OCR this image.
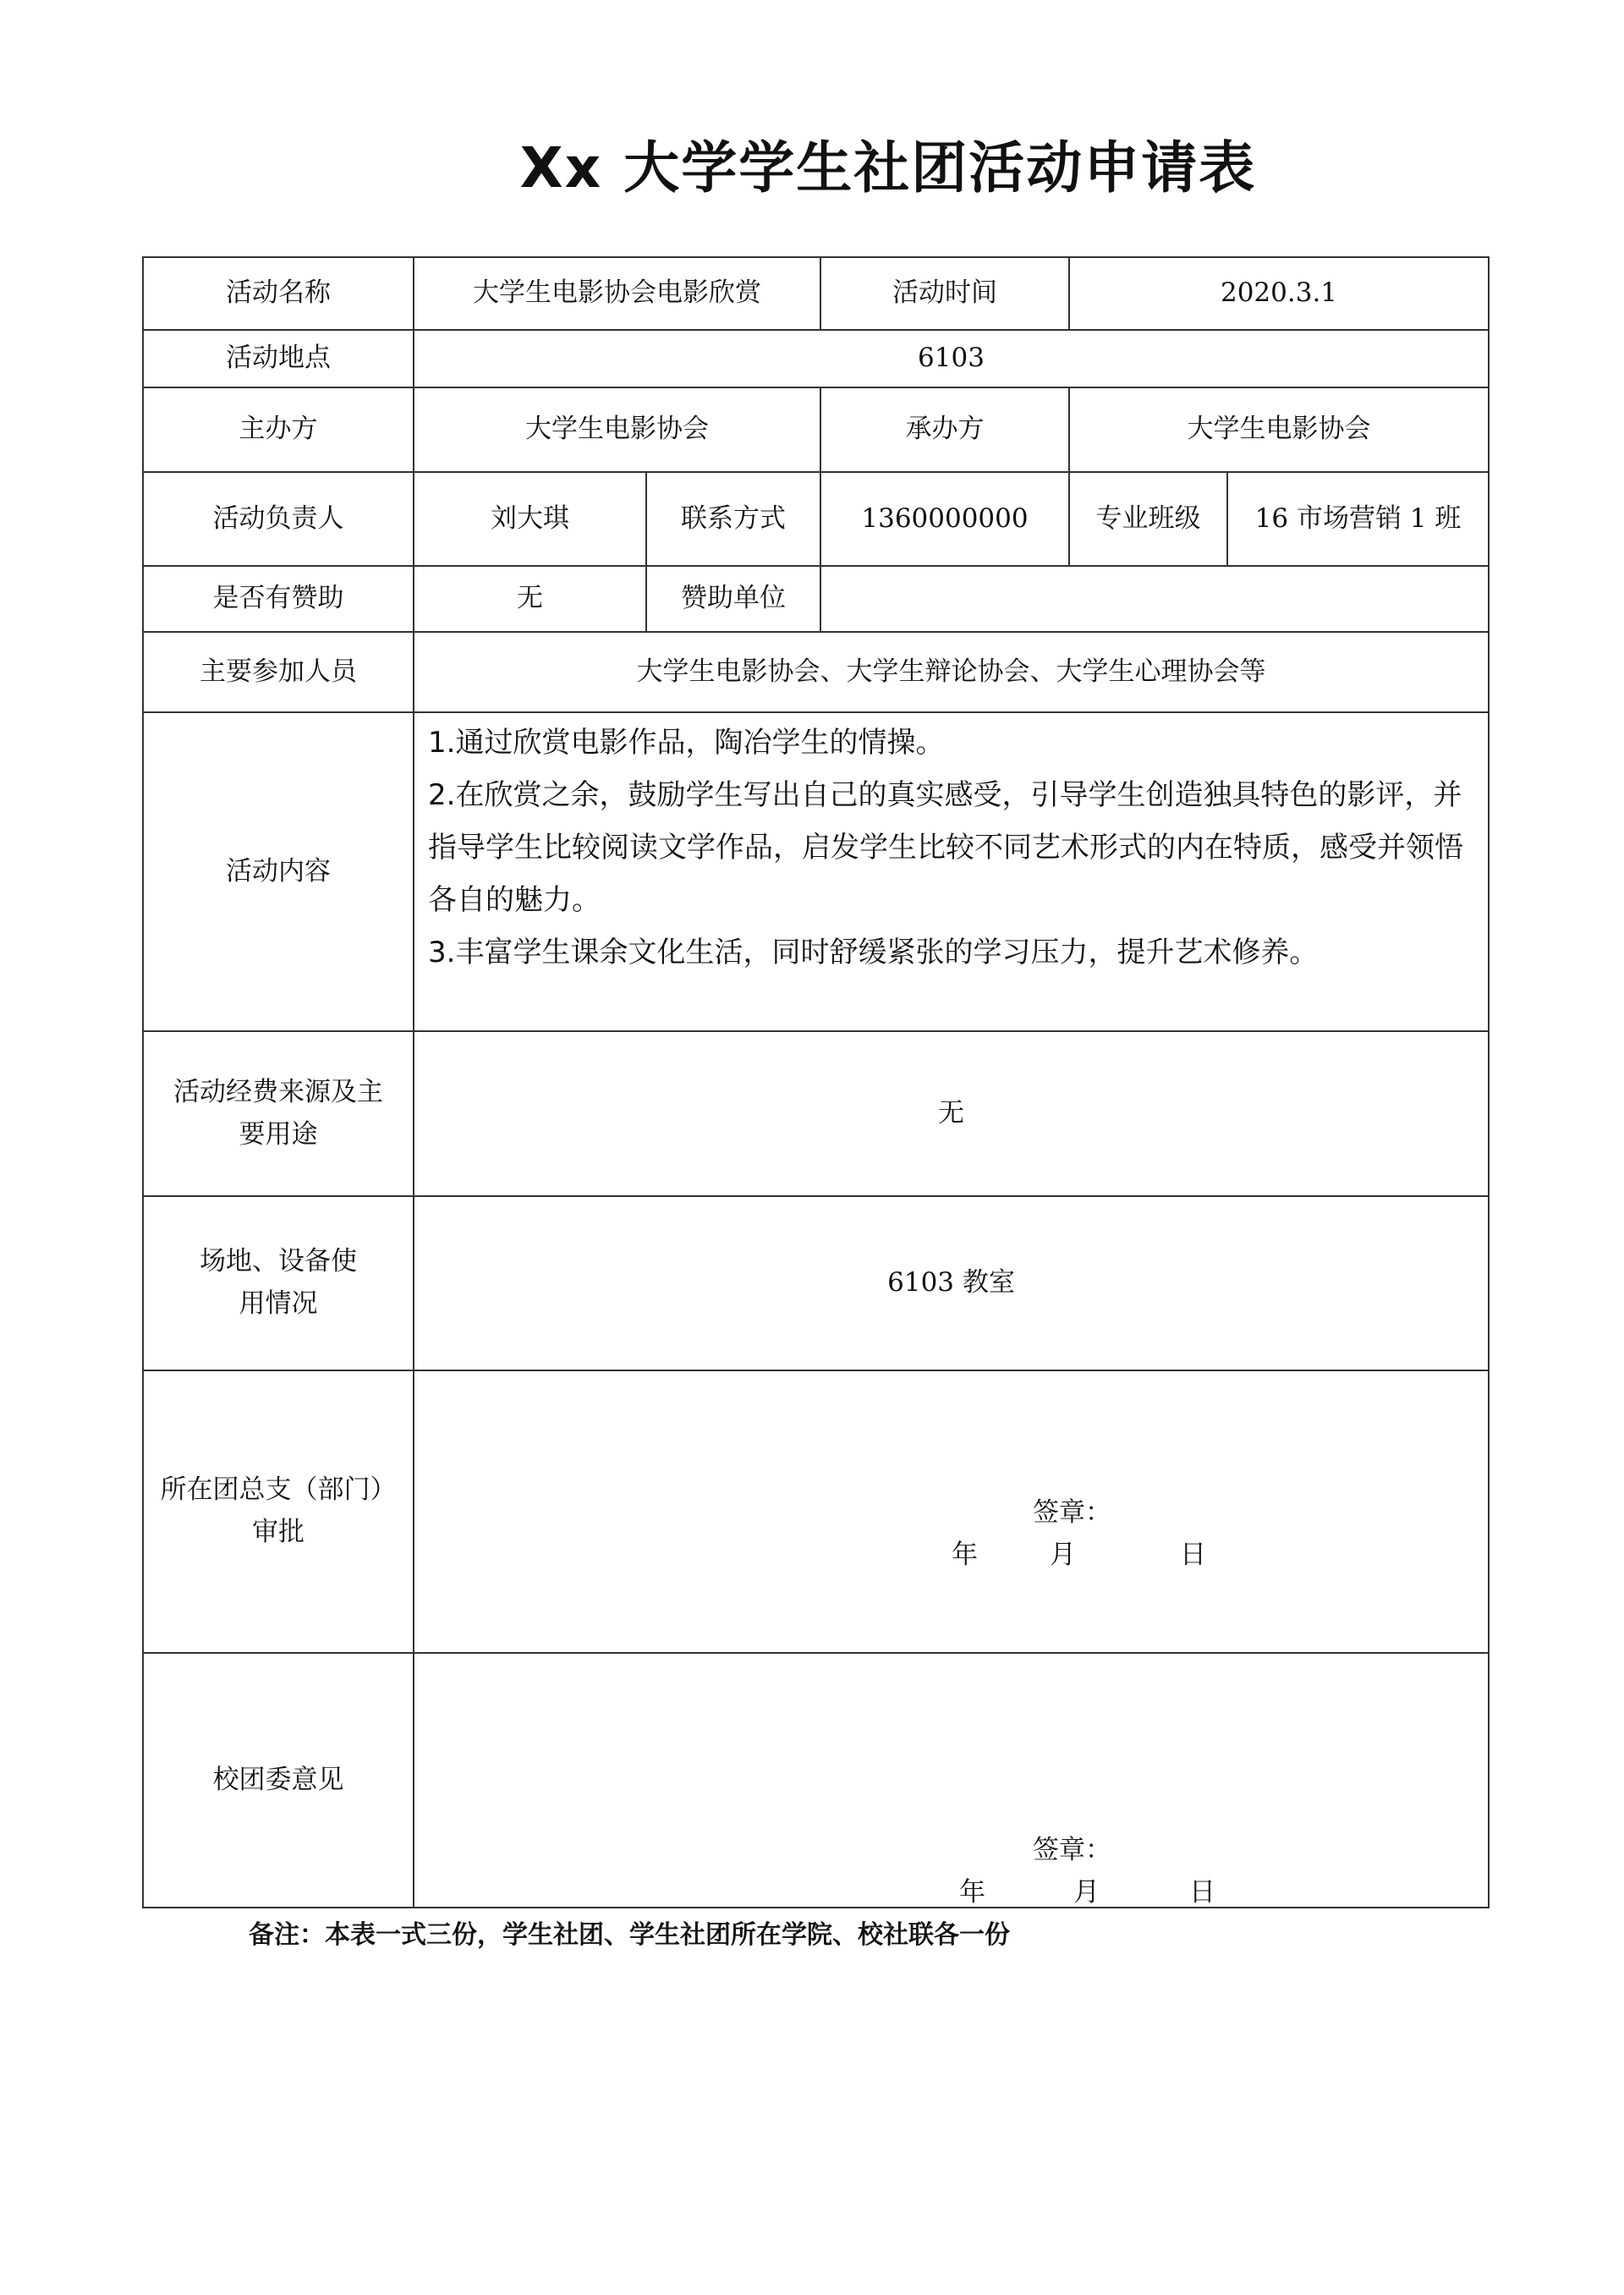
Xx 大学学生社团活动申请表
活动名称	大学生电影协会电影欣赏		活动时间	2020.3.1	
活动地点	6103				
主办方	大学生电影协会		承办方	大学生电影协会	
活动负责人	刘大琪	联系方式	1360000000	专业班级	16 市场营销 1 班
是否有赞助	无	赞助单位			
主要参加人员	大学生电影协会、大学生辩论协会、大学生心理协会等				
活动内容	1.通过欣赏电影作品，陶冶学生的情操。

2.在欣赏之余，鼓励学生写出自己的真实感受，引导学生创造独具特色的影评，并指导学生比较阅读文学作品，启发学生比较不同艺术形式的内在特质，感受并领悟各自的魅力。

3.丰富学生课余文化生活，同时舒缓紧张的学习压力，提升艺术修养。				

活动经费来源及主要用途	无				
场地、设备使用情况	6103 教室				
所在团总支（部门）审批	签章：
年 月 日				

校团委意见	签章：
年 月 日				
备注：本表一式三份，学生社团、学生社团所在学院、校社联各一份
